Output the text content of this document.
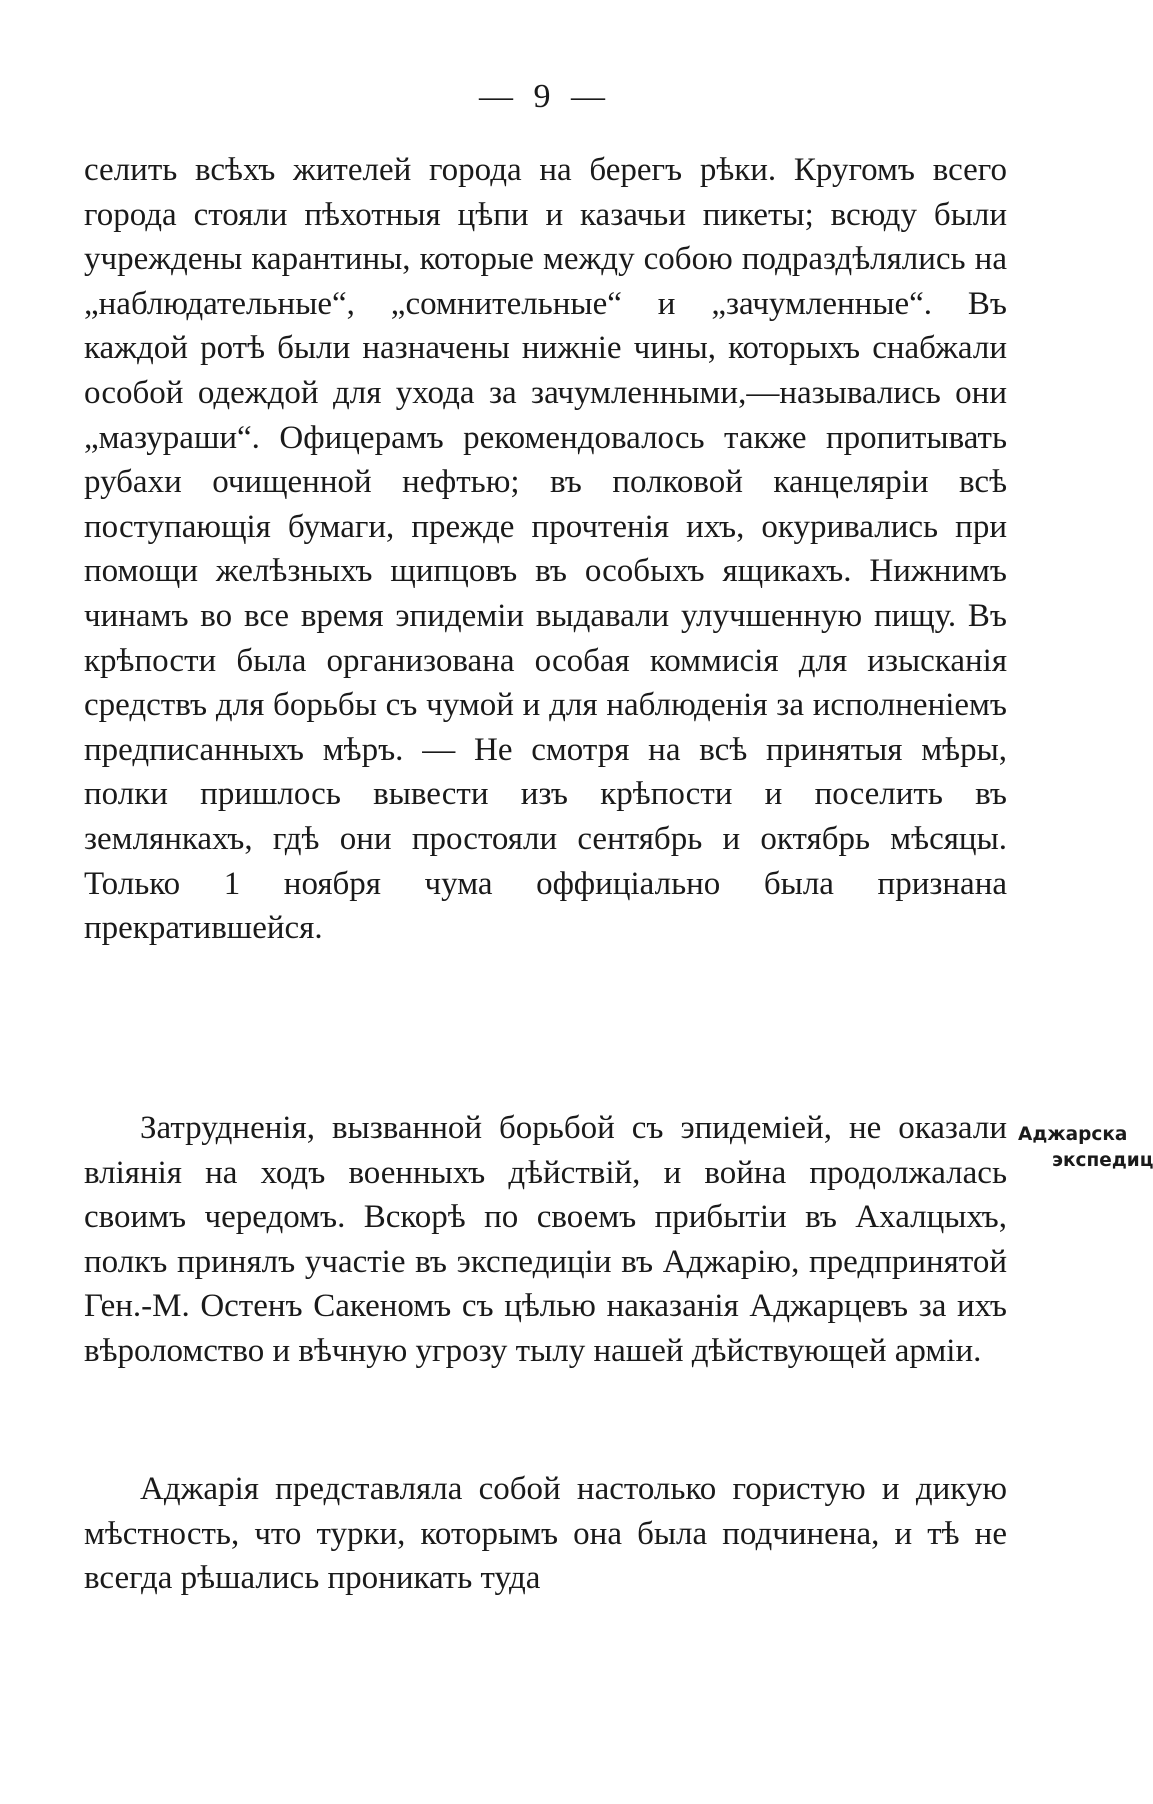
— 9 —

селить всѣхъ жителей города на берегъ рѣки. Кругомъ всего города стояли пѣхотныя цѣпи и казачьи пикеты; всюду были учреждены карантины, которые между собою подраздѣлялись на „наблюдательные“, „сомнительные“ и „зачумленные“. Въ каждой ротѣ были назначены нижніе чины, которыхъ снабжали особой одеждой для ухода за зачумленными,—назывались они „мазураши“. Офицерамъ рекомендовалось также пропитывать рубахи очищенной нефтью; въ полковой канцеляріи всѣ поступающія бумаги, прежде прочтенія ихъ, окуривались при помощи желѣзныхъ щипцовъ въ особыхъ ящикахъ. Нижнимъ чинамъ во все время эпидеміи выдавали улучшенную пищу. Въ крѣпости была организована особая коммисія для изысканія средствъ для борьбы съ чумой и для наблюденія за исполненіемъ предписанныхъ мѣръ. — Не смотря на всѣ принятыя мѣры, полки пришлось вывести изъ крѣпости и поселить въ землянкахъ, гдѣ они простояли сентябрь и октябрь мѣсяцы. Только 1 ноября чума оффиціально была признана прекратившейся.

Затрудненія, вызванной борьбой съ эпидеміей, не оказали вліянія на ходъ военныхъ дѣйствій, и война продолжалась своимъ чередомъ. Вскорѣ по своемъ прибытіи въ Ахалцыхъ, полкъ принялъ участіе въ экспедиціи въ Аджарію, предпринятой Ген.-М. Остенъ Сакеномъ съ цѣлью наказанія Аджарцевъ за ихъ вѣроломство и вѣчную угрозу тылу нашей дѣйствующей арміи.

Аджарія представляла собой настолько гористую и дикую мѣстность, что турки, которымъ она была подчинена, и тѣ не всегда рѣшались проникать туда

Аджарска
экспедиц
